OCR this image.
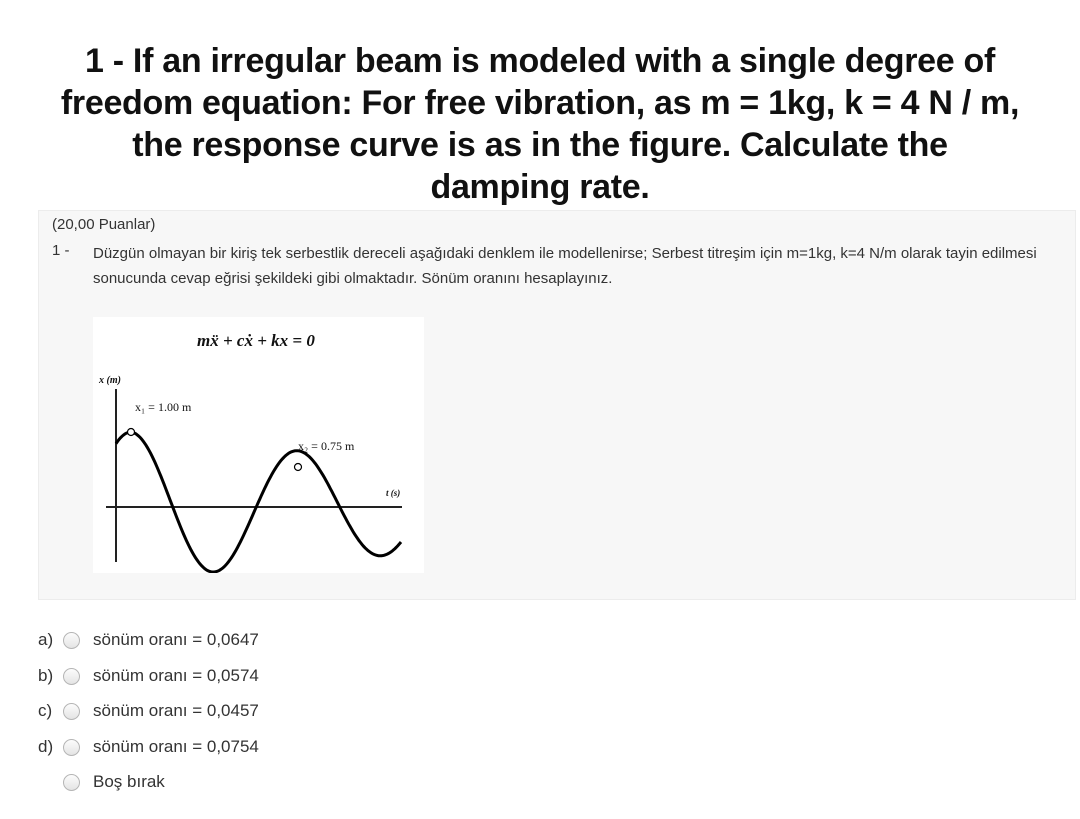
1 - If an irregular beam is modeled with a single degree of freedom equation: For free vibration, as m = 1kg, k = 4 N / m, the response curve is as in the figure. Calculate the damping rate.
(20,00 Puanlar)
1 - Düzgün olmayan bir kiriş tek serbestlik dereceli aşağıdaki denklem ile modellenirse; Serbest titreşim için m=1kg, k=4 N/m olarak tayin edilmesi sonucunda cevap eğrisi şekildeki gibi olmaktadır. Sönüm oranını hesaplayınız.
mẍ + cẋ + kx = 0
x (m)
x₁ = 1.00 m
x₂ = 0.75 m
t (s)
a)	sönüm oranı = 0,0647
b)	sönüm oranı = 0,0574
c)	sönüm oranı = 0,0457
d)	sönüm oranı = 0,0754
Boş bırak
